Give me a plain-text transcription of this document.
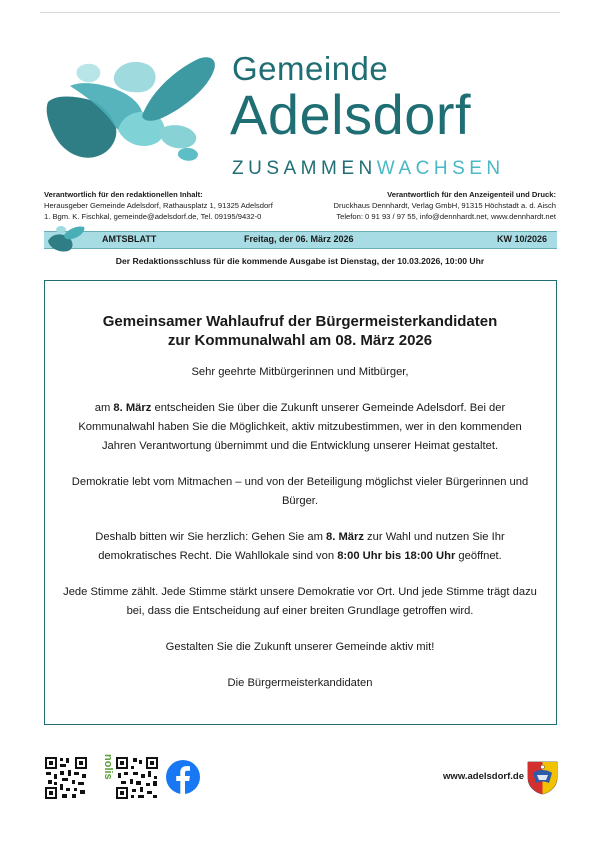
Gemeinde
Adelsdorf
ZUSAMMENWACHSEN
Verantwortlich für den redaktionellen Inhalt:
Herausgeber Gemeinde Adelsdorf, Rathausplatz 1, 91325 Adelsdorf
1. Bgm. K. Fischkal, gemeinde@adelsdorf.de, Tel. 09195/9432-0
Verantwortlich für den Anzeigenteil und Druck:
Druckhaus Dennhardt, Verlag GmbH, 91315 Höchstadt a. d. Aisch
Telefon: 0 91 93 / 97 55, info@dennhardt.net, www.dennhardt.net
AMTSBLATT	Freitag, der 06. März 2026	KW 10/2026
Der Redaktionsschluss für die kommende Ausgabe ist Dienstag, der 10.03.2026, 10:00 Uhr
Gemeinsamer Wahlaufruf der Bürgermeisterkandidaten
zur Kommunalwahl am 08. März 2026

Sehr geehrte Mitbürgerinnen und Mitbürger,

am 8. März entscheiden Sie über die Zukunft unserer Gemeinde Adelsdorf. Bei der Kommunalwahl haben Sie die Möglichkeit, aktiv mitzubestimmen, wer in den kommenden Jahren Verantwortung übernimmt und die Entwicklung unserer Heimat gestaltet.

Demokratie lebt vom Mitmachen – und von der Beteiligung möglichst vieler Bürgerinnen und Bürger.

Deshalb bitten wir Sie herzlich: Gehen Sie am 8. März zur Wahl und nutzen Sie Ihr demokratisches Recht. Die Wahllokale sind von 8:00 Uhr bis 18:00 Uhr geöffnet.

Jede Stimme zählt. Jede Stimme stärkt unsere Demokratie vor Ort. Und jede Stimme trägt dazu bei, dass die Entscheidung auf einer breiten Grundlage getroffen wird.

Gestalten Sie die Zukunft unserer Gemeinde aktiv mit!

Die Bürgermeisterkandidaten

nolis	www.adelsdorf.de
